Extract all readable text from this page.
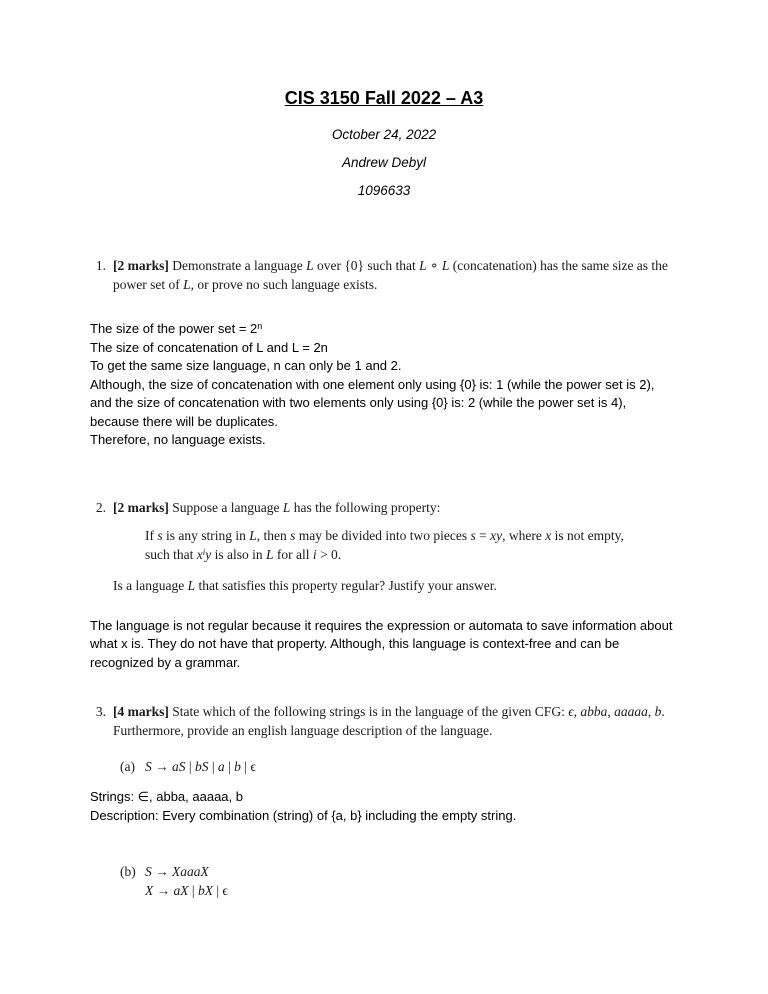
CIS 3150 Fall 2022 – A3
October 24, 2022
Andrew Debyl
1096633
1. [2 marks] Demonstrate a language L over {0} such that L ∘ L (concatenation) has the same size as the power set of L, or prove no such language exists.

The size of the power set = $2^n$

The size of concatenation of L and L = 2n

To get the same size language, n can only be 1 and 2.

Although, the size of concatenation with one element only using {0} is: 1 (while the power set is 2), and the size of concatenation with two elements only using {0} is: 2 (while the power set is 4), because there will be duplicates.

Therefore, no language exists.

2. [2 marks] Suppose a language L has the following property:
If s is any string in L, then s may be divided into two pieces s = xy, where x is not empty, such that $x^iy$ is also in L for all i > 0.
Is a language L that satisfies this property regular? Justify your answer.

The language is not regular because it requires the expression or automata to save information about what x is. They do not have that property. Although, this language is context-free and can be recognized by a grammar.

3. [4 marks] State which of the following strings is in the language of the given CFG: ϵ, abba, aaaaa, b. Furthermore, provide an english language description of the language.
(a) S → aS | bS | a | b | ϵ

Strings: ∈, abba, aaaaa, b

Description: Every combination (string) of {a, b} including the empty string.

(b) S → XaaaX

X → aX | bX | ϵ
